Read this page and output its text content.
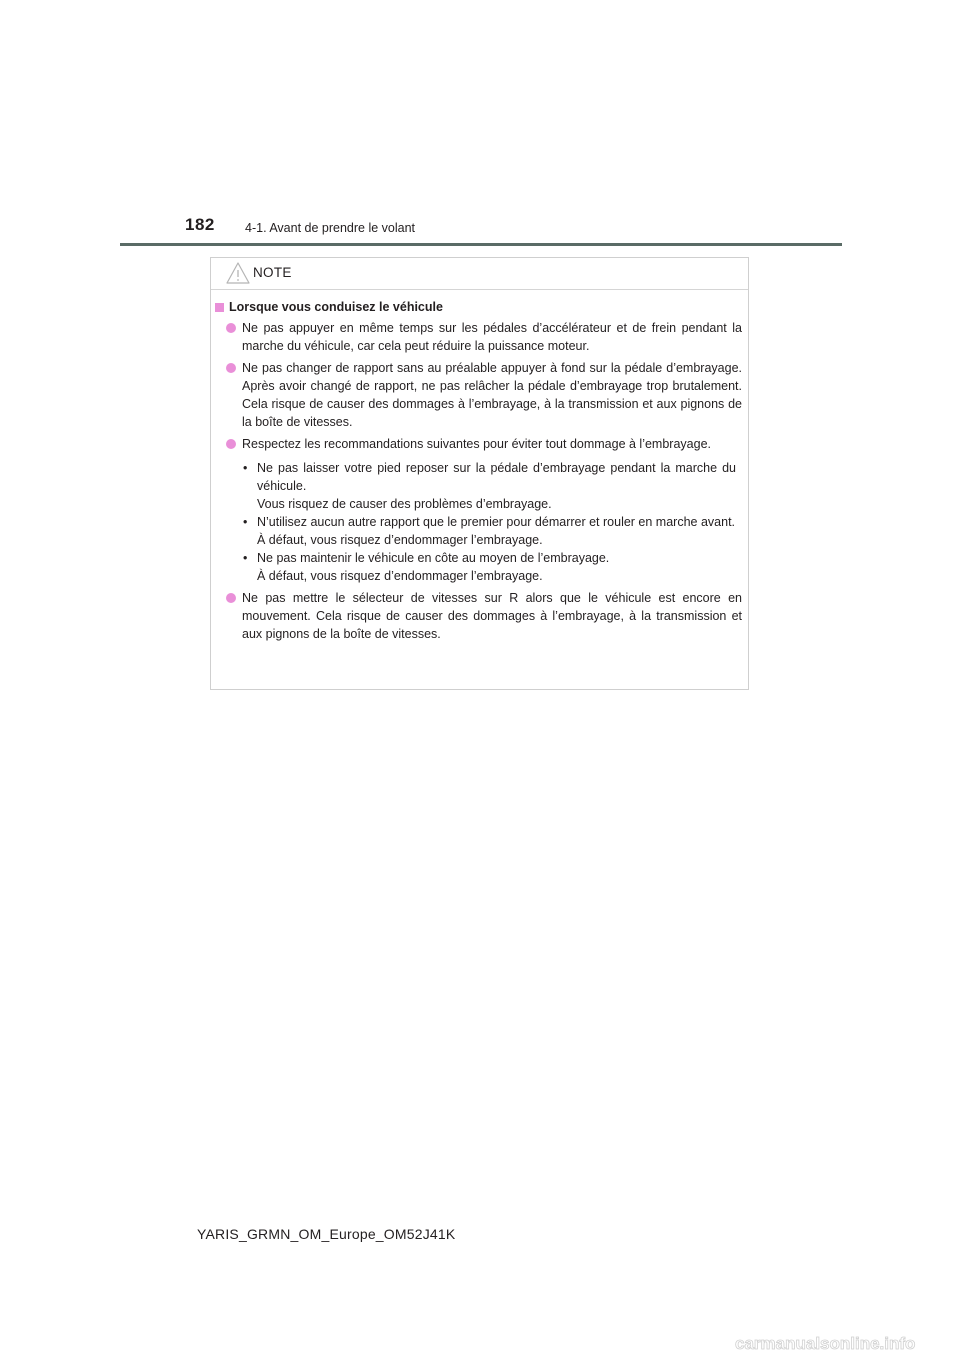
182 4-1. Avant de prendre le volant
NOTE
Lorsque vous conduisez le véhicule
Ne pas appuyer en même temps sur les pédales d’accélérateur et de frein pendant la marche du véhicule, car cela peut réduire la puissance moteur.
Ne pas changer de rapport sans au préalable appuyer à fond sur la pédale d’embrayage. Après avoir changé de rapport, ne pas relâcher la pédale d’embrayage trop brutalement. Cela risque de causer des dommages à l’embrayage, à la transmission et aux pignons de la boîte de vitesses.
Respectez les recommandations suivantes pour éviter tout dommage à l’embrayage.
• Ne pas laisser votre pied reposer sur la pédale d’embrayage pendant la marche du véhicule.
Vous risquez de causer des problèmes d’embrayage.
• N’utilisez aucun autre rapport que le premier pour démarrer et rouler en marche avant.
À défaut, vous risquez d’endommager l’embrayage.
• Ne pas maintenir le véhicule en côte au moyen de l’embrayage.
À défaut, vous risquez d’endommager l’embrayage.
Ne pas mettre le sélecteur de vitesses sur R alors que le véhicule est encore en mouvement. Cela risque de causer des dommages à l’embrayage, à la transmission et aux pignons de la boîte de vitesses.
YARIS_GRMN_OM_Europe_OM52J41K
carmanualsonline.info
